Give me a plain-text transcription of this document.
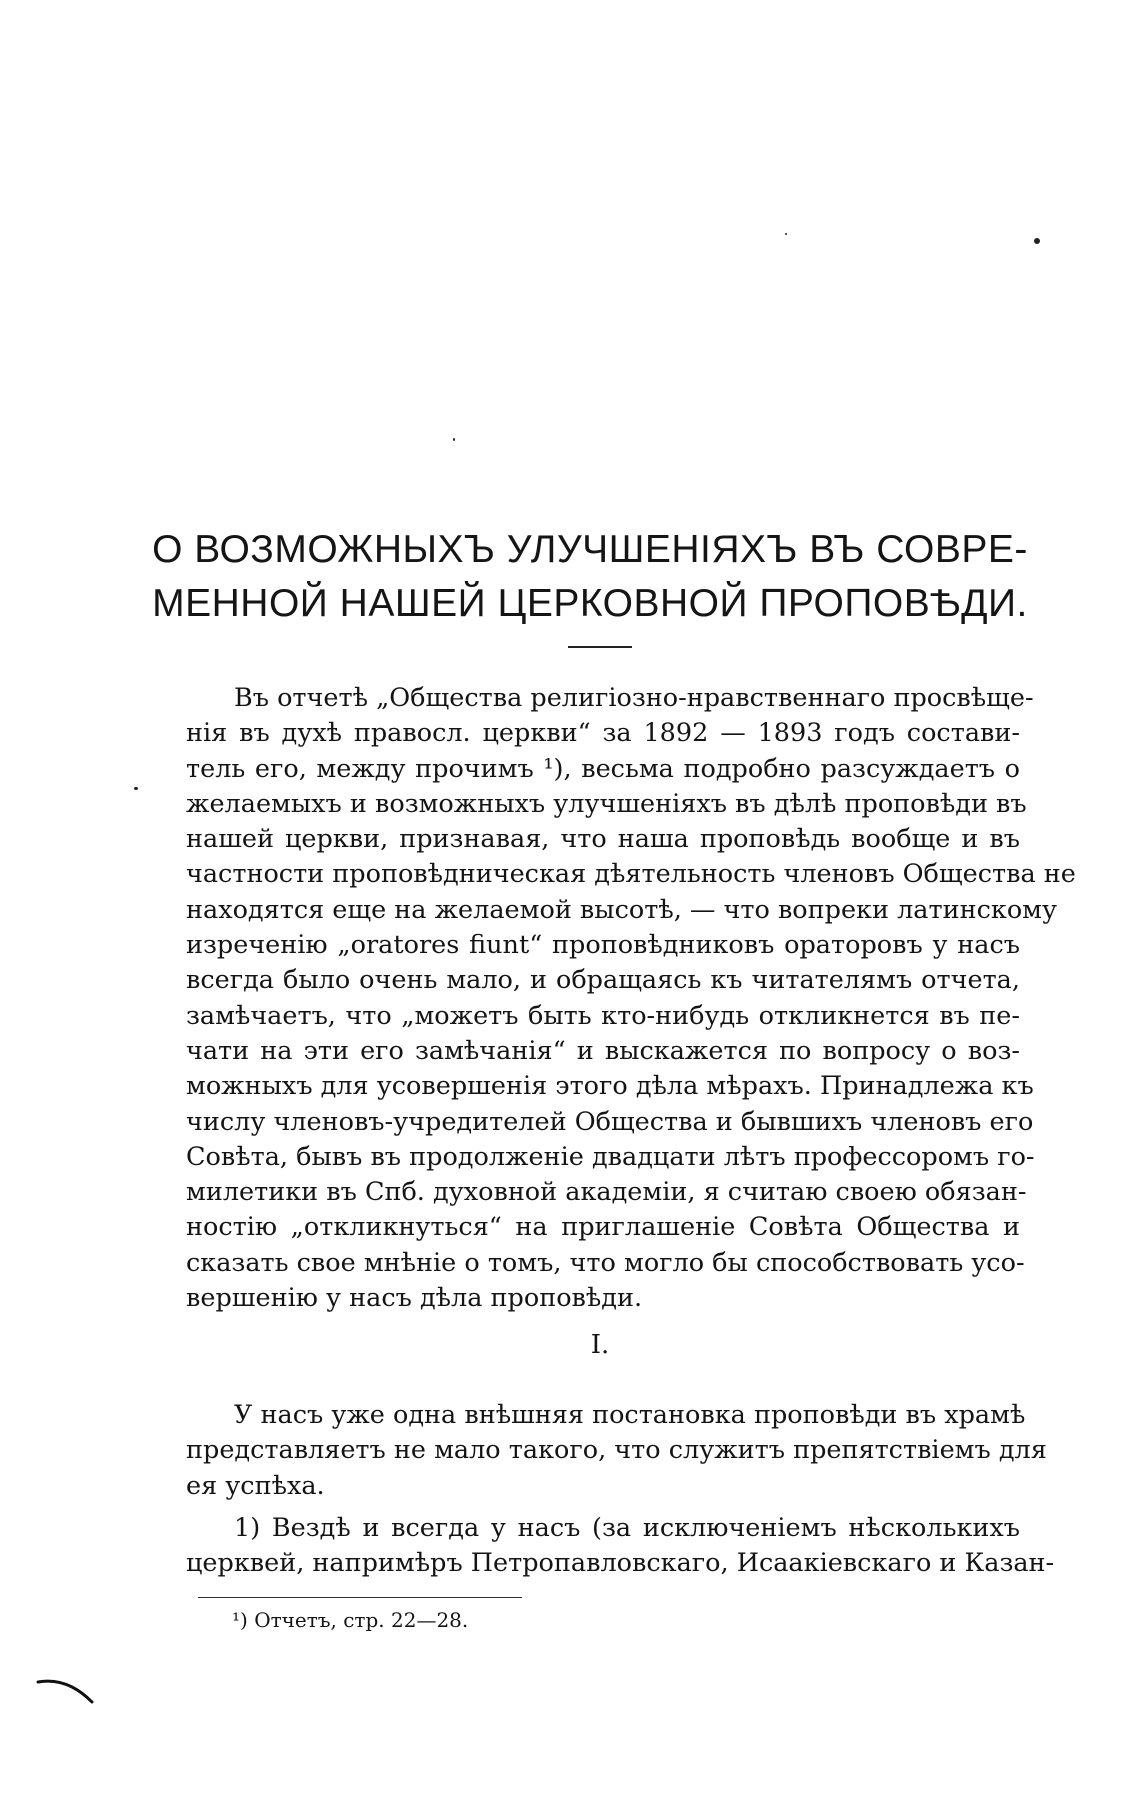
О ВОЗМОЖНЫХЪ УЛУЧШЕНIЯХЪ ВЪ СОВРЕ-
МЕННОЙ НАШЕЙ ЦЕРКОВНОЙ ПРОПОВѢДИ.
Въ отчетѣ „Общества религiозно-нравственнаго просвѣще-
нiя въ духѣ правосл. церкви“ за 1892 — 1893 годъ состави-
тель его, между прочимъ ¹), весьма подробно разсуждаетъ о
желаемыхъ и возможныхъ улучшенiяхъ въ дѣлѣ проповѣди въ
нашей церкви, признавая, что наша проповѣдь вообще и въ
частности проповѣдническая дѣятельность членовъ Общества не
находятся еще на желаемой высотѣ, — что вопреки латинскому
изреченiю „oratores fiunt“ проповѣдниковъ ораторовъ у насъ
всегда было очень мало, и обращаясь къ читателямъ отчета,
замѣчаетъ, что „можетъ быть кто-нибудь откликнется въ пе-
чати на эти его замѣчанiя“ и выскажется по вопросу о воз-
можныхъ для усовершенiя этого дѣла мѣрахъ. Принадлежа къ
числу членовъ-учредителей Общества и бывшихъ членовъ его
Совѣта, бывъ въ продолженiе двадцати лѣтъ профессоромъ го-
милетики въ Спб. духовной академiи, я считаю своею обязан-
ностiю „откликнуться“ на приглашенiе Совѣта Общества и
сказать свое мнѣнiе о томъ, что могло бы способствовать усо-
вершенiю у насъ дѣла проповѣди.
I.
У насъ уже одна внѣшняя постановка проповѣди въ храмѣ
представляетъ не мало такого, что служитъ препятствiемъ для
ея успѣха.
1) Вездѣ и всегда у насъ (за исключенiемъ нѣсколькихъ
церквей, напримѣръ Петропавловскаго, Исаакiевскаго и Казан-
¹) Отчетъ, стр. 22—28.
